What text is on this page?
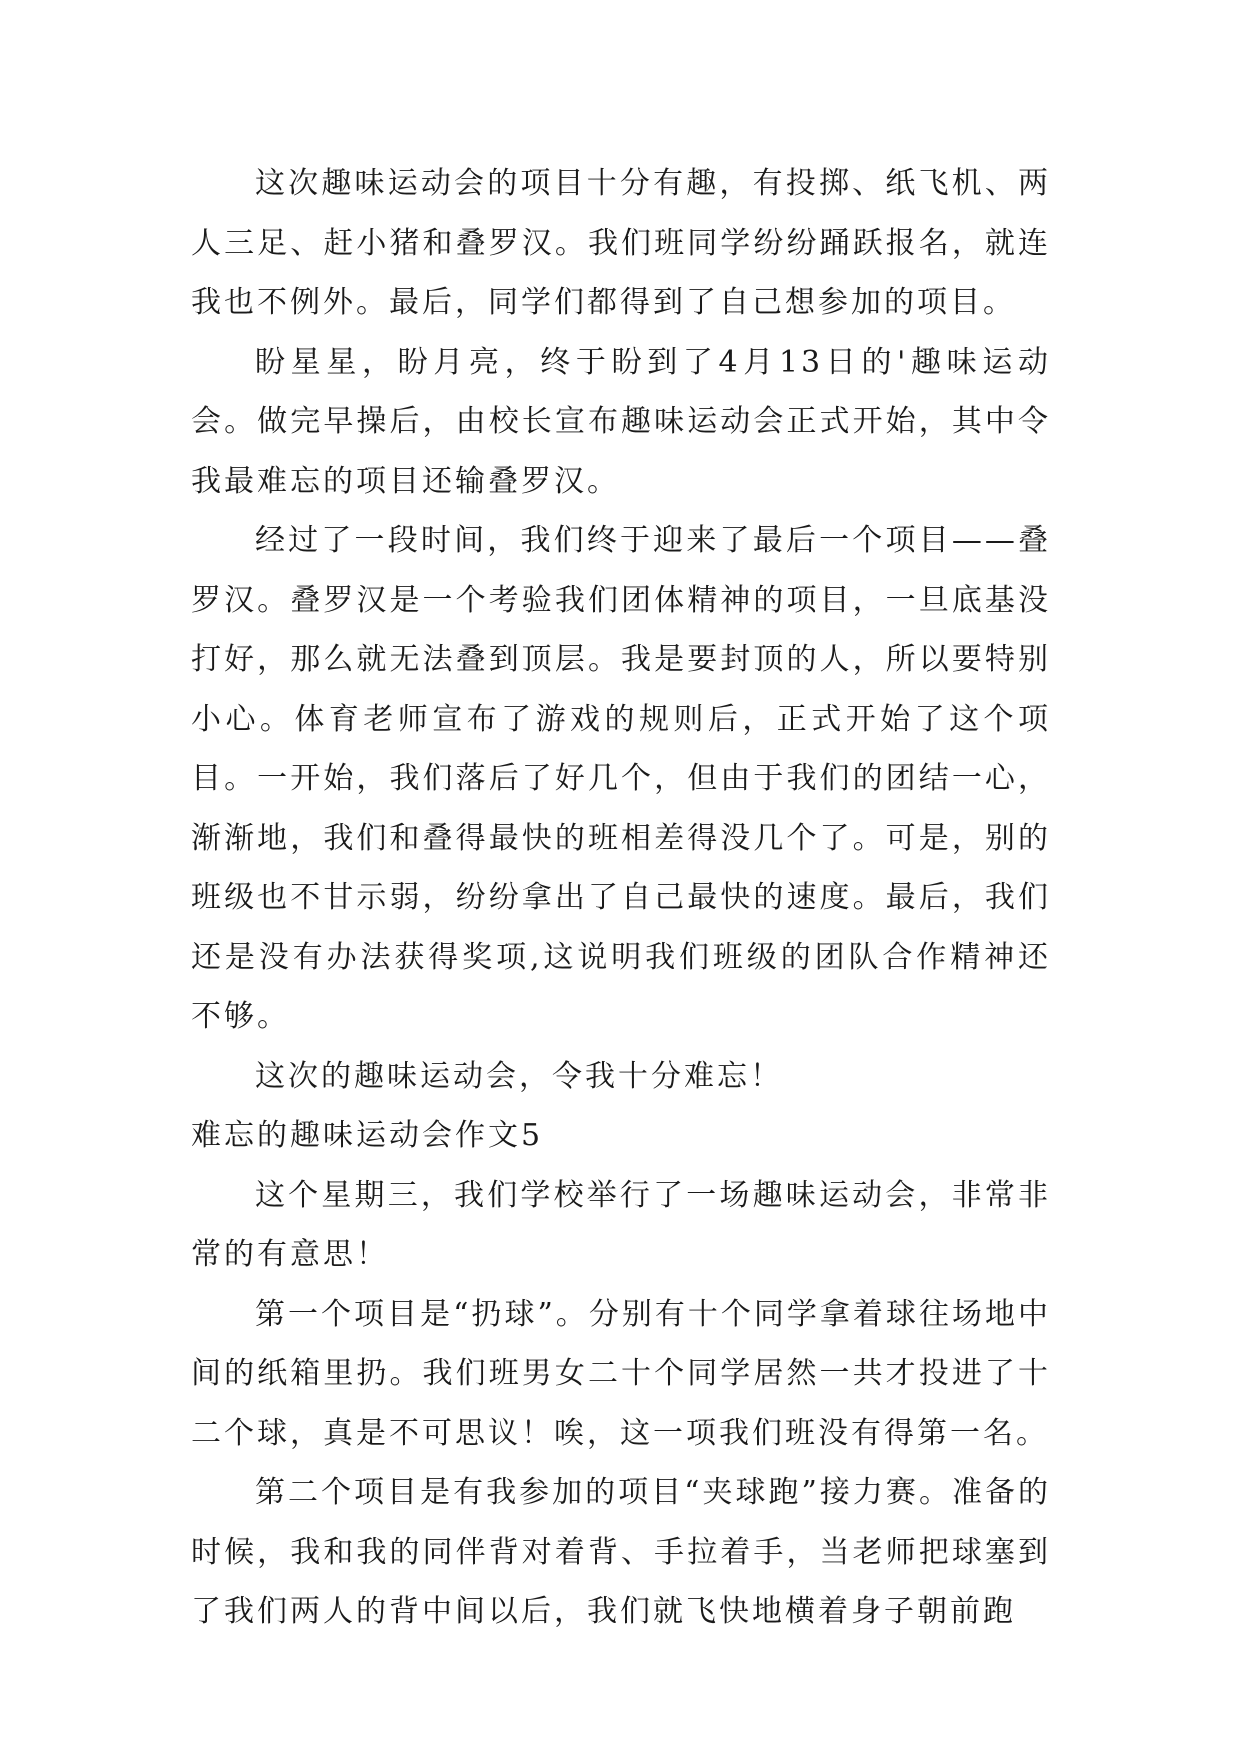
这次趣味运动会的项目十分有趣，有投掷、纸飞机、两人三足、赶小猪和叠罗汉。我们班同学纷纷踊跃报名，就连我也不例外。最后，同学们都得到了自己想参加的项目。

盼星星，盼月亮，终于盼到了4月13日的'趣味运动会。做完早操后，由校长宣布趣味运动会正式开始，其中令我最难忘的项目还输叠罗汉。

经过了一段时间，我们终于迎来了最后一个项目——叠罗汉。叠罗汉是一个考验我们团体精神的项目，一旦底基没打好，那么就无法叠到顶层。我是要封顶的人，所以要特别小心。体育老师宣布了游戏的规则后，正式开始了这个项目。一开始，我们落后了好几个，但由于我们的团结一心，渐渐地，我们和叠得最快的班相差得没几个了。可是，别的班级也不甘示弱，纷纷拿出了自己最快的速度。最后，我们还是没有办法获得奖项,这说明我们班级的团队合作精神还不够。

这次的趣味运动会，令我十分难忘！

难忘的趣味运动会作文5

这个星期三，我们学校举行了一场趣味运动会，非常非常的有意思！

第一个项目是“扔球”。分别有十个同学拿着球往场地中间的纸箱里扔。我们班男女二十个同学居然一共才投进了十二个球，真是不可思议！唉，这一项我们班没有得第一名。

第二个项目是有我参加的项目“夹球跑”接力赛。准备的时候，我和我的同伴背对着背、手拉着手，当老师把球塞到了我们两人的背中间以后，我们就飞快地横着身子朝前跑
